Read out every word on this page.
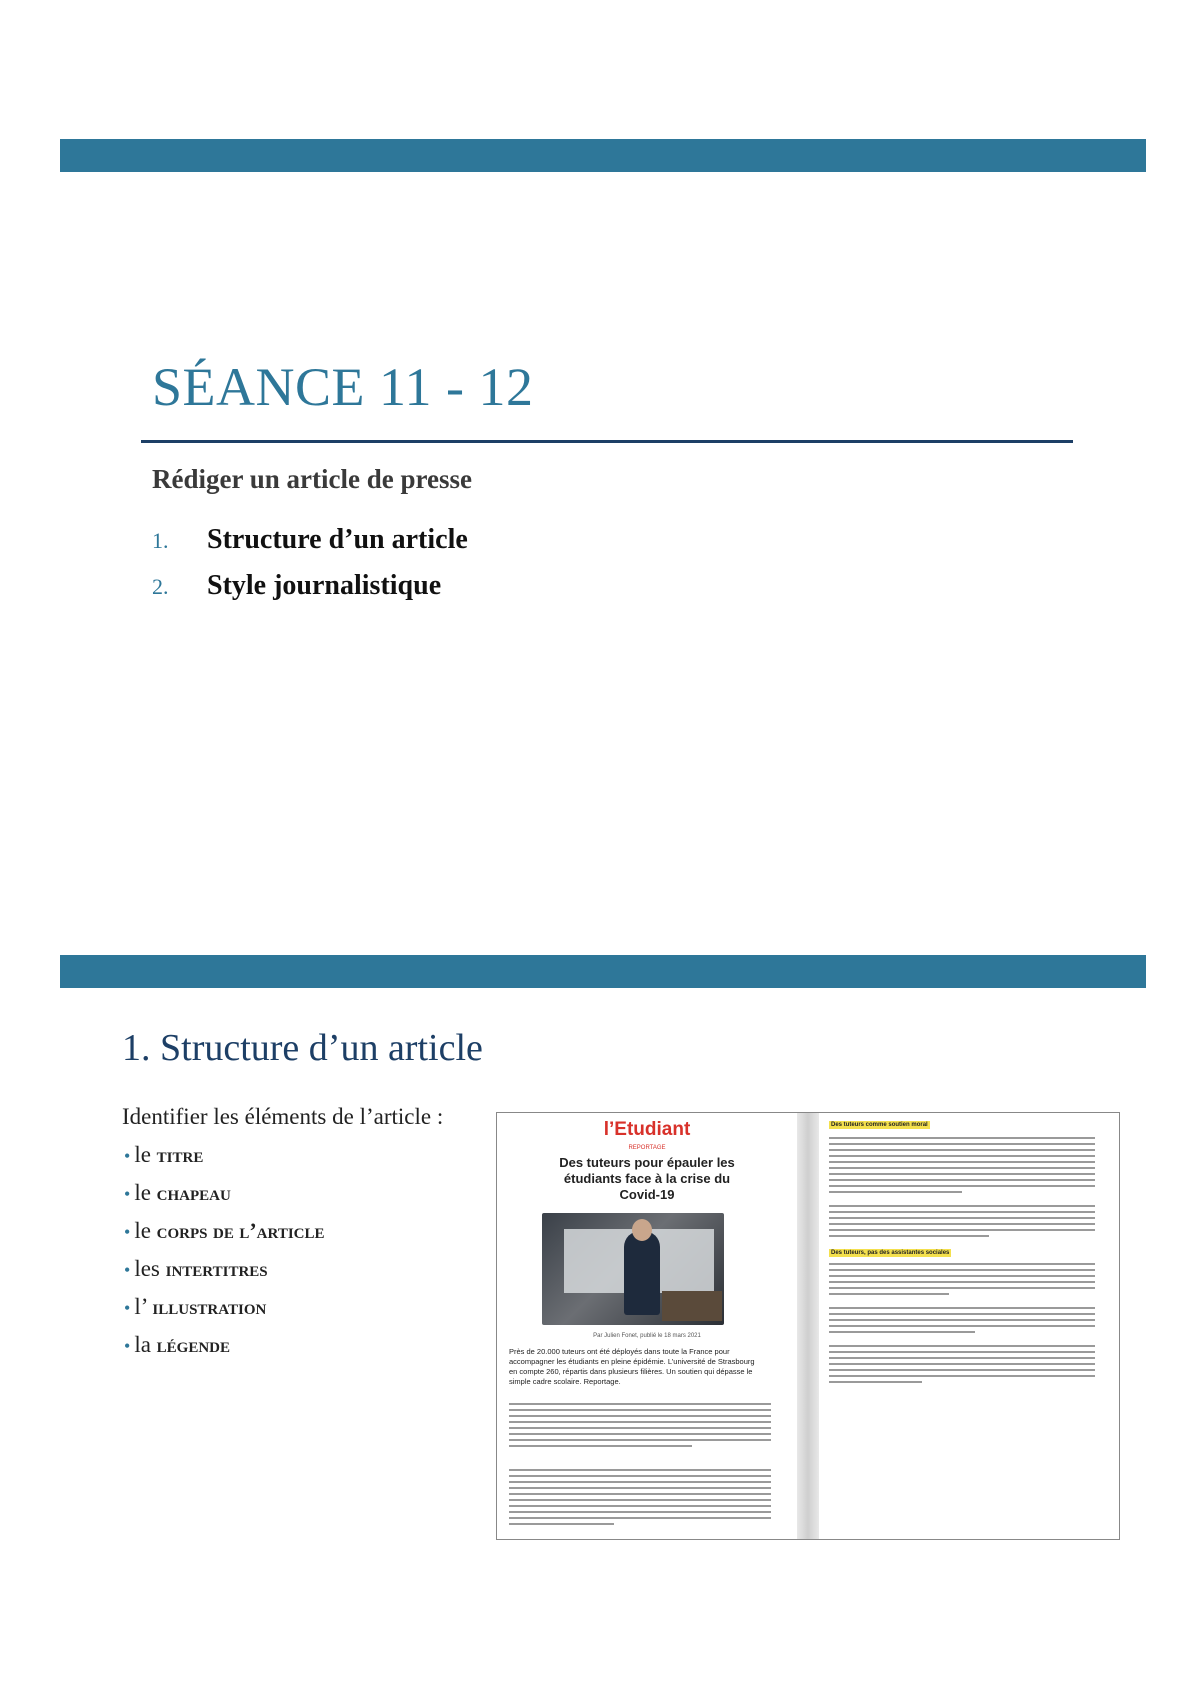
SÉANCE 11 - 12
Rédiger un article de presse
1. Structure d’un article
2. Style journalistique
1. Structure d’un article
Identifier les éléments de l’article :
• le titre
• le chapeau
• le corps de l’article
• les intertitres
• l’ illustration
• la légende
l’Etudiant
REPORTAGE
Des tuteurs pour épauler les étudiants face à la crise du Covid-19
Par Julien Fonet, publié le 18 mars 2021
Près de 20.000 tuteurs ont été déployés dans toute la France pour accompagner les étudiants en pleine épidémie. L’université de Strasbourg en compte 260, répartis dans plusieurs filières. Un soutien qui dépasse le simple cadre scolaire. Reportage.
Des tuteurs comme soutien moral
Des tuteurs, pas des assistantes sociales
